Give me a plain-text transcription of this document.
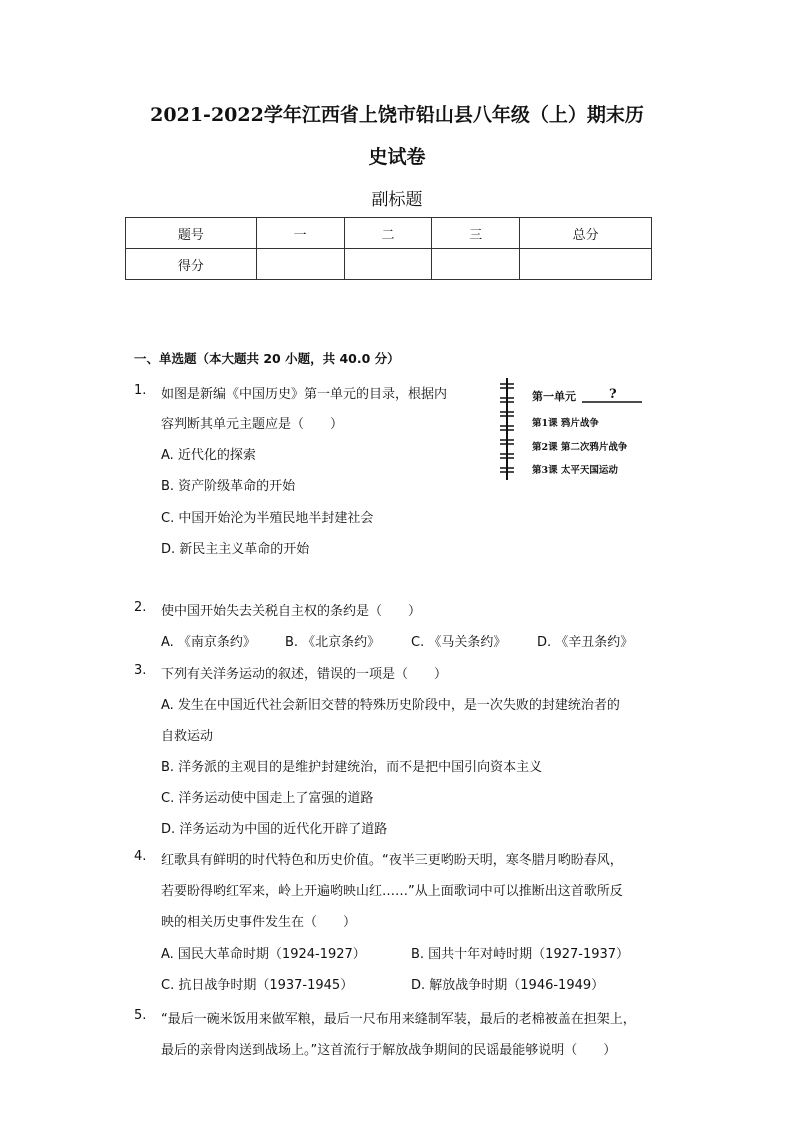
2021-2022学年江西省上饶市铅山县八年级（上）期末历
史试卷
副标题
题号	一	二	三	总分
得分				
一、单选题（本大题共 20 小题，共 40.0 分）
1. 如图是新编《中国历史》第一单元的目录，根据内
容判断其单元主题应是（　　）
A. 近代化的探索
B. 资产阶级革命的开始
C. 中国开始沦为半殖民地半封建社会
D. 新民主主义革命的开始
第一单元	?
第1课 鸦片战争
第2课 第二次鸦片战争
第3课 太平天国运动
2. 使中国开始失去关税自主权的条约是（　　）
A. 《南京条约》 B. 《北京条约》 C. 《马关条约》 D. 《辛丑条约》
3. 下列有关洋务运动的叙述，错误的一项是（　　）
A. 发生在中国近代社会新旧交替的特殊历史阶段中，是一次失败的封建统治者的
自救运动
B. 洋务派的主观目的是维护封建统治，而不是把中国引向资本主义
C. 洋务运动使中国走上了富强的道路
D. 洋务运动为中国的近代化开辟了道路
4. 红歌具有鲜明的时代特色和历史价值。“夜半三更哟盼天明，寒冬腊月哟盼春风，
若要盼得哟红军来，岭上开遍哟映山红……”从上面歌词中可以推断出这首歌所反
映的相关历史事件发生在（　　）
A. 国民大革命时期（1924-1927）	B. 国共十年对峙时期（1927-1937）
C. 抗日战争时期（1937-1945）	D. 解放战争时期（1946-1949）
5. “最后一碗米饭用来做军粮，最后一尺布用来缝制军装，最后的老棉被盖在担架上，
最后的亲骨肉送到战场上。”这首流行于解放战争期间的民谣最能够说明（　　）
